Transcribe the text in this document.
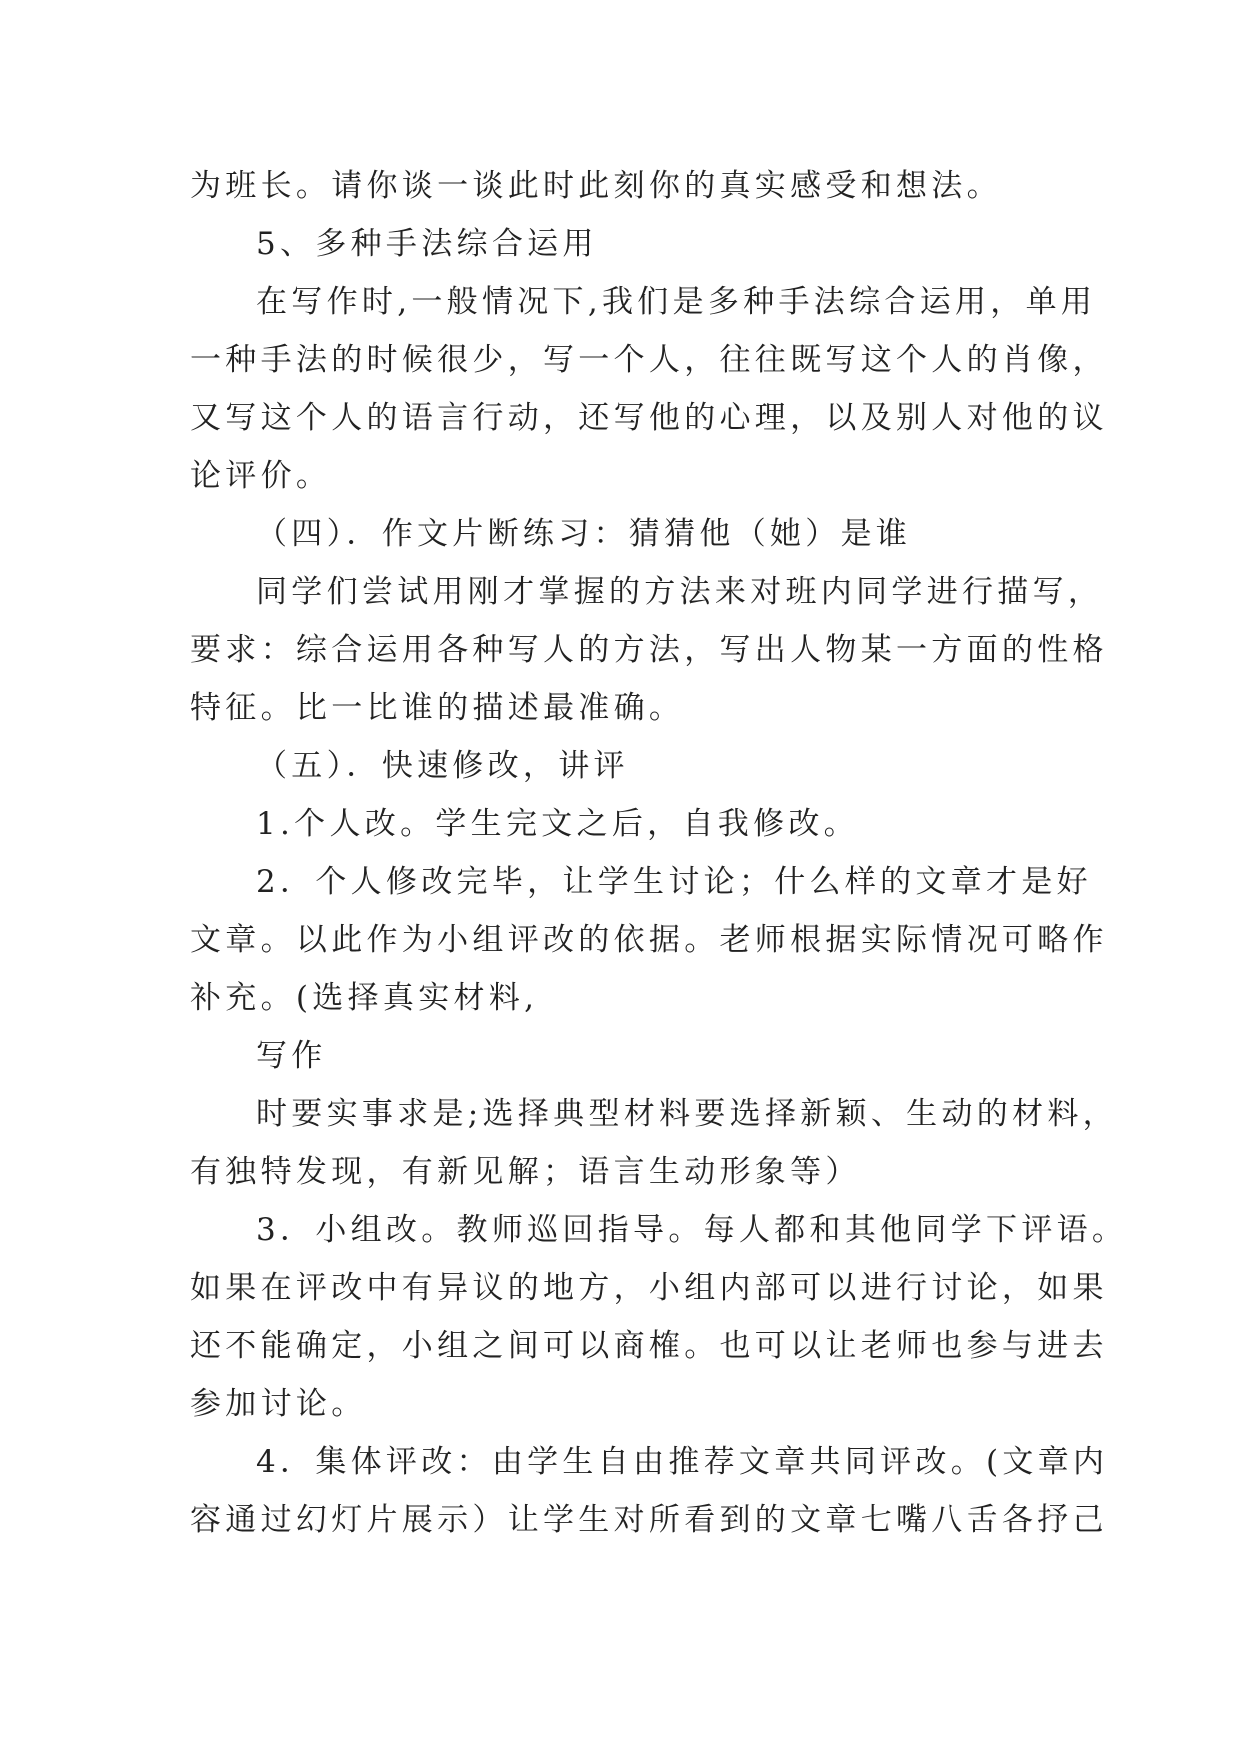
为班长。请你谈一谈此时此刻你的真实感受和想法。

5、多种手法综合运用

在写作时,一般情况下,我们是多种手法综合运用，单用

一种手法的时候很少，写一个人，往往既写这个人的肖像，

又写这个人的语言行动，还写他的心理，以及别人对他的议

论评价。

（四）．作文片断练习：猜猜他（她）是谁

同学们尝试用刚才掌握的方法来对班内同学进行描写，

要求：综合运用各种写人的方法，写出人物某一方面的性格

特征。比一比谁的描述最准确。

（五）．快速修改，讲评

1.个人改。学生完文之后，自我修改。

2．个人修改完毕，让学生讨论；什么样的文章才是好

文章。以此作为小组评改的依据。老师根据实际情况可略作

补充。(选择真实材料,

写作

时要实事求是;选择典型材料要选择新颖、生动的材料，

有独特发现，有新见解；语言生动形象等）

3．小组改。教师巡回指导。每人都和其他同学下评语。

如果在评改中有异议的地方，小组内部可以进行讨论，如果

还不能确定，小组之间可以商榷。也可以让老师也参与进去

参加讨论。

4．集体评改：由学生自由推荐文章共同评改。(文章内

容通过幻灯片展示）让学生对所看到的文章七嘴八舌各抒己
